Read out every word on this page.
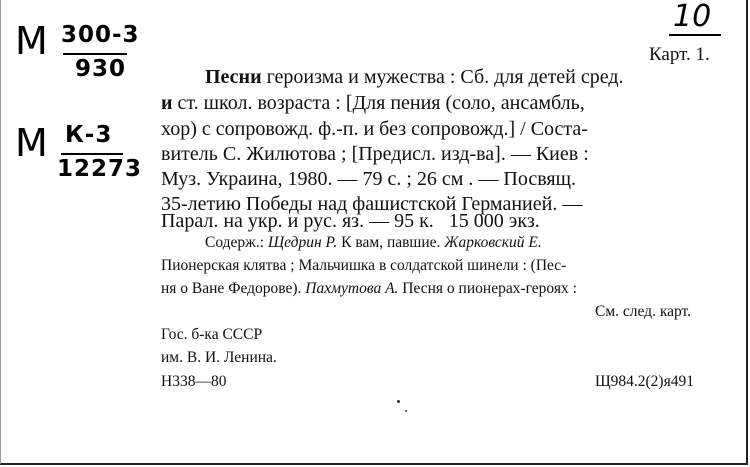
М 300-3
930
М К-3
12273
10
Карт. 1.
Песни героизма и мужества : Сб. для детей сред.
и ст. школ. возраста : [Для пения (соло, ансамбль,
хор) с сопровожд. ф.-п. и без сопровожд.] / Соста-
витель С. Жилютова ; [Предисл. изд-ва]. — Киев :
Муз. Украина, 1980. — 79 с. ; 26 см . — Посвящ.
35-летию Победы над фашистской Германией. —
Парал. на укр. и рус. яз. — 95 к.   15 000 экз.
Содерж.: Щедрин Р. К вам, павшие. Жарковский Е.
Пионерская клятва ; Мальчишка в солдатской шинели : (Пес-
ня о Ване Федорове). Пахмутова А. Песня о пионерах-героях :
См. след. карт.
Гос. б-ка СССР
им. В. И. Ленина.
Н338—80	Щ984.2(2)я491
